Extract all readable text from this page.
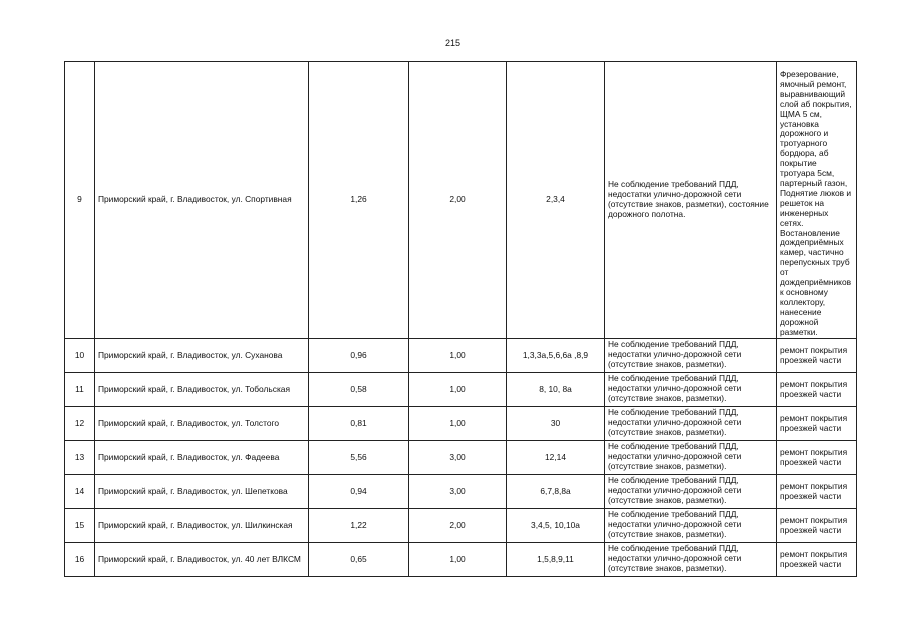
215
9	Приморский край, г. Владивосток, ул. Спортивная	1,26	2,00	2,3,4	Не соблюдение требований ПДД, недостатки улично-дорожной сети (отсутствие знаков, разметки), состояние дорожного полотна.	Фрезерование, ямочный ремонт, выравнивающий слой аб покрытия, ЩМА 5 см, установка дорожного и тротуарного бордюра, аб покрытие тротуара 5см, партерный газон, Поднятие люков и решеток на инженерных сетях. Востановление дождеприёмных камер, частично перепускных труб от дождеприёмников к основному коллектору, нанесение дорожной разметки.
10	Приморский край, г. Владивосток, ул. Суханова	0,96	1,00	1,3,3а,5,6,6а ,8,9	Не соблюдение требований ПДД, недостатки улично-дорожной сети (отсутствие знаков, разметки).	ремонт покрытия проезжей части
11	Приморский край, г. Владивосток, ул. Тобольская	0,58	1,00	8, 10, 8а	Не соблюдение требований ПДД, недостатки улично-дорожной сети (отсутствие знаков, разметки).	ремонт покрытия проезжей части
12	Приморский край, г. Владивосток, ул. Толстого	0,81	1,00	30	Не соблюдение требований ПДД, недостатки улично-дорожной сети (отсутствие знаков, разметки).	ремонт покрытия проезжей части
13	Приморский край, г. Владивосток, ул. Фадеева	5,56	3,00	12,14	Не соблюдение требований ПДД, недостатки улично-дорожной сети (отсутствие знаков, разметки).	ремонт покрытия проезжей части
14	Приморский край, г. Владивосток, ул. Шепеткова	0,94	3,00	6,7,8,8а	Не соблюдение требований ПДД, недостатки улично-дорожной сети (отсутствие знаков, разметки).	ремонт покрытия проезжей части
15	Приморский край, г. Владивосток, ул. Шилкинская	1,22	2,00	3,4,5, 10,10а	Не соблюдение требований ПДД, недостатки улично-дорожной сети (отсутствие знаков, разметки).	ремонт покрытия проезжей части
16	Приморский край, г. Владивосток, ул. 40 лет ВЛКСМ	0,65	1,00	1,5,8,9,11	Не соблюдение требований ПДД, недостатки улично-дорожной сети (отсутствие знаков, разметки).	ремонт покрытия проезжей части
